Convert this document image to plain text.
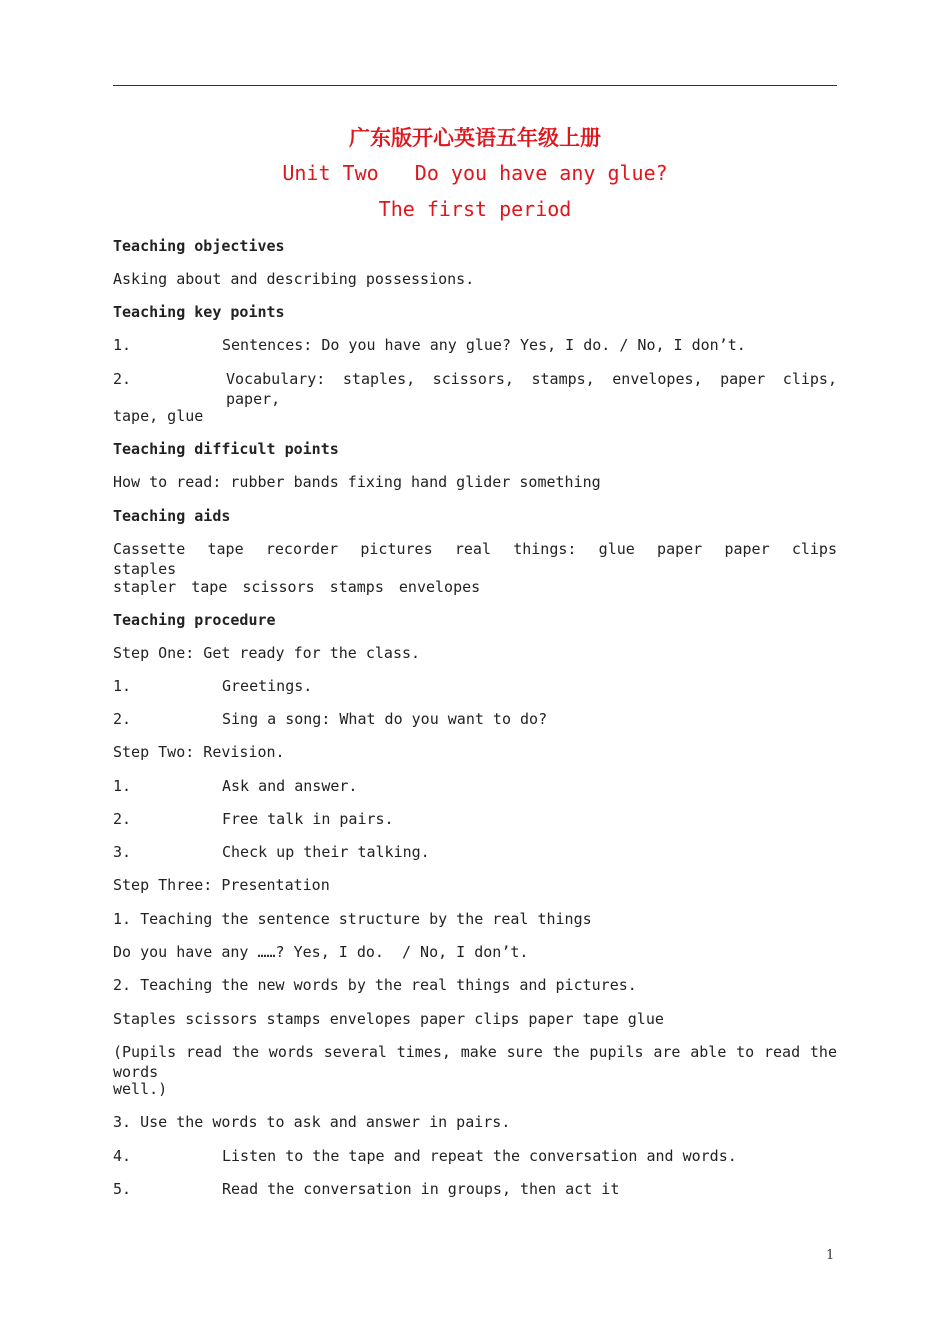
广东版开心英语五年级上册
Unit Two   Do you have any glue?
The first period
Teaching objectives
Asking about and describing possessions.
Teaching key points
1.	Sentences: Do you have any glue? Yes, I do. / No, I don’t.
2.	Vocabulary: staples, scissors, stamps, envelopes, paper clips, paper,
tape, glue
Teaching difficult points
How to read: rubber bands fixing hand glider something
Teaching aids
Cassette tape recorder pictures real things: glue paper paper clips staples
stapler tape scissors stamps envelopes
Teaching procedure
Step One: Get ready for the class.
1.	Greetings.
2.	Sing a song: What do you want to do?
Step Two: Revision.
1.	Ask and answer.
2.	Free talk in pairs.
3.	Check up their talking.
Step Three: Presentation
1. Teaching the sentence structure by the real things
Do you have any ……? Yes, I do.  / No, I don’t.
2. Teaching the new words by the real things and pictures.
Staples scissors stamps envelopes paper clips paper tape glue
(Pupils read the words several times, make sure the pupils are able to read the words
well.)
3. Use the words to ask and answer in pairs.
4.	Listen to the tape and repeat the conversation and words.
5.	Read the conversation in groups, then act it
1
